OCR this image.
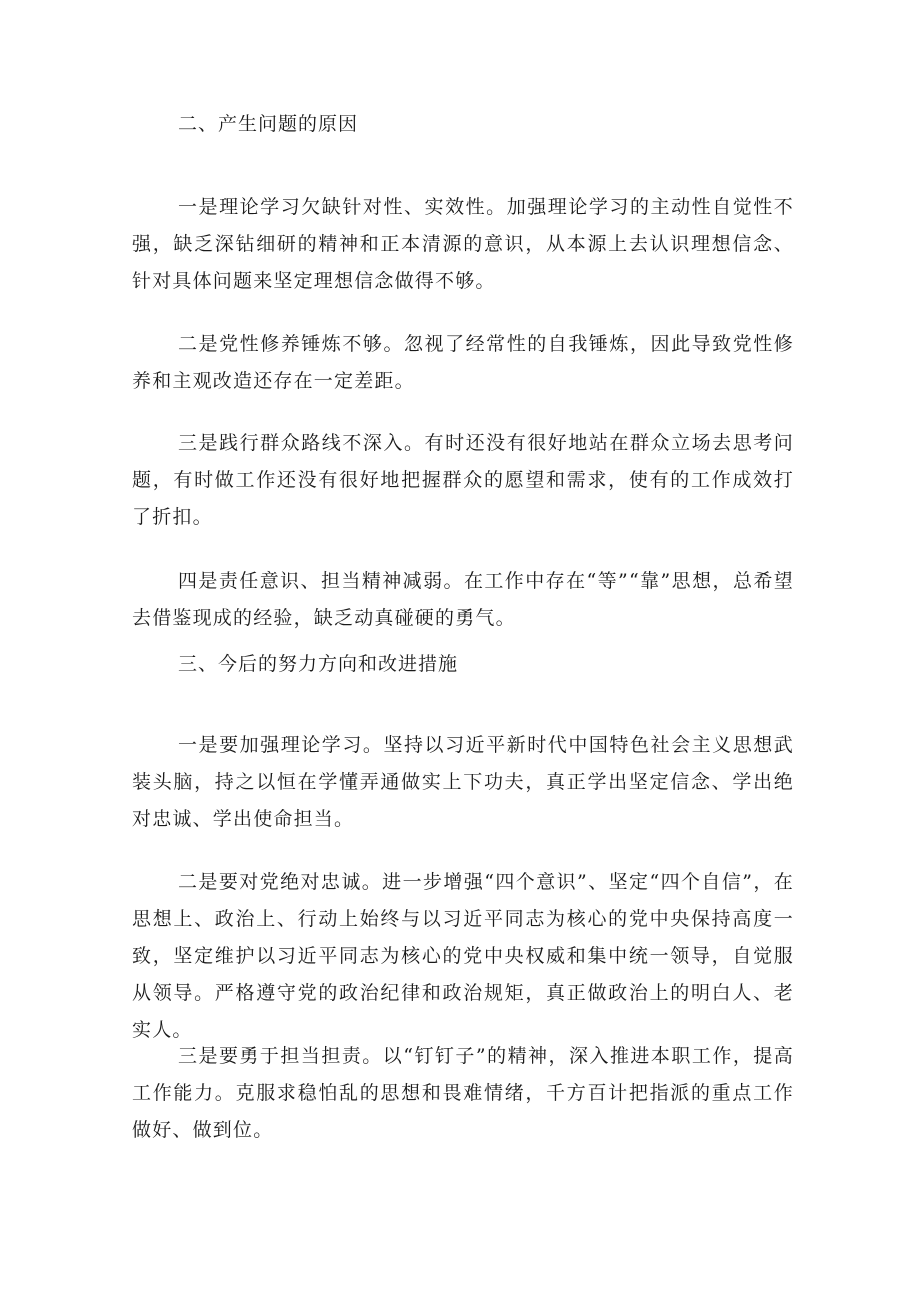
二、产生问题的原因

一是理论学习欠缺针对性、实效性。加强理论学习的主动性自觉性不强，缺乏深钻细研的精神和正本清源的意识，从本源上去认识理想信念、针对具体问题来坚定理想信念做得不够。

二是党性修养锤炼不够。忽视了经常性的自我锤炼，因此导致党性修养和主观改造还存在一定差距。

三是践行群众路线不深入。有时还没有很好地站在群众立场去思考问题，有时做工作还没有很好地把握群众的愿望和需求，使有的工作成效打了折扣。

四是责任意识、担当精神减弱。在工作中存在“等”“靠”思想，总希望去借鉴现成的经验，缺乏动真碰硬的勇气。

三、今后的努力方向和改进措施

一是要加强理论学习。坚持以习近平新时代中国特色社会主义思想武装头脑，持之以恒在学懂弄通做实上下功夫，真正学出坚定信念、学出绝对忠诚、学出使命担当。

二是要对党绝对忠诚。进一步增强“四个意识”、坚定“四个自信”，在思想上、政治上、行动上始终与以习近平同志为核心的党中央保持高度一致，坚定维护以习近平同志为核心的党中央权威和集中统一领导，自觉服从领导。严格遵守党的政治纪律和政治规矩，真正做政治上的明白人、老实人。

三是要勇于担当担责。以“钉钉子”的精神，深入推进本职工作，提高工作能力。克服求稳怕乱的思想和畏难情绪，千方百计把指派的重点工作做好、做到位。
